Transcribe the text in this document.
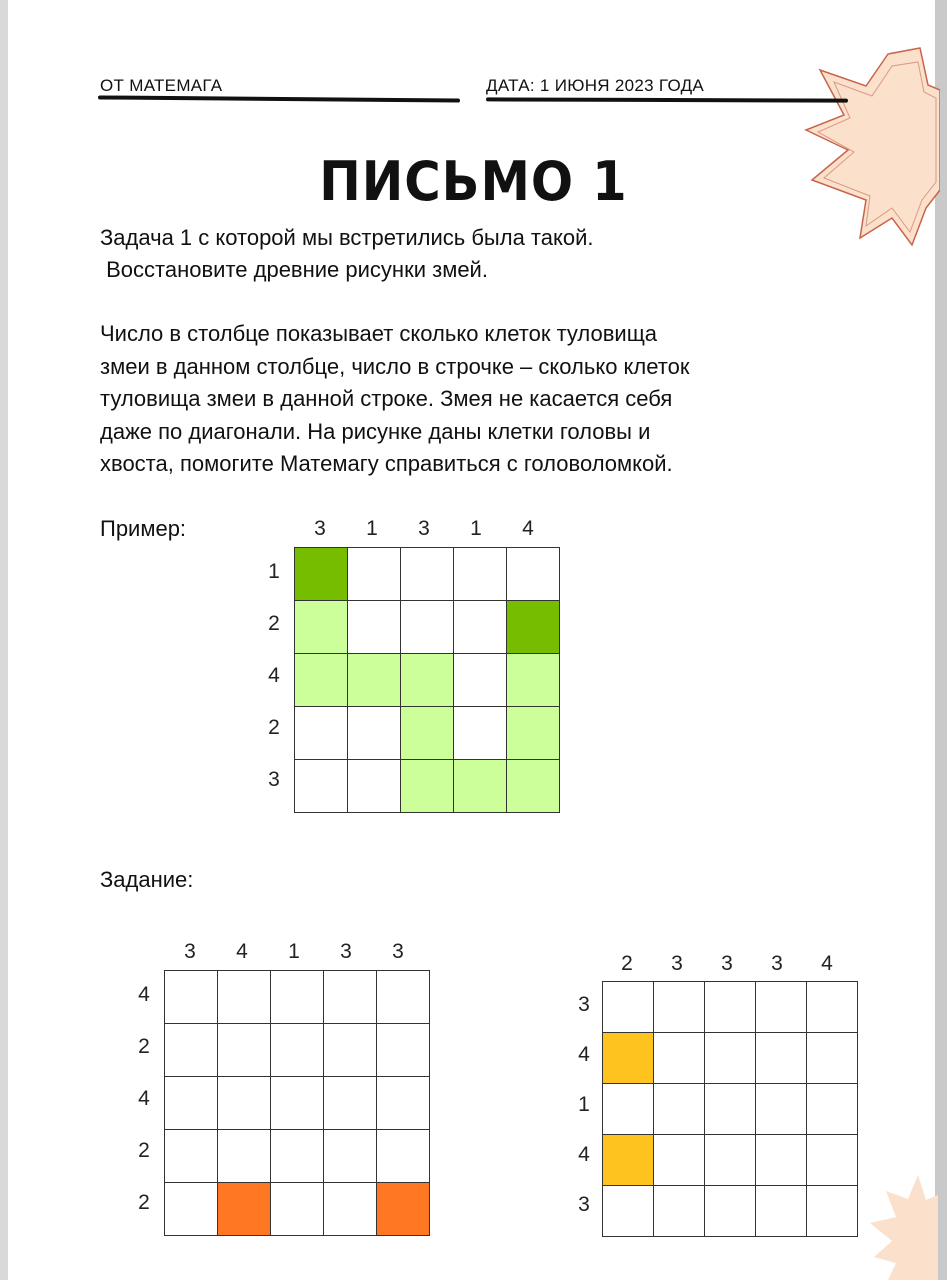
ОТ МАТЕМАГА	ДАТА: 1 ИЮНЯ 2023 ГОДА
ПИСЬМО 1
Задача 1 с которой мы встретились была такой.
Восстановите древние рисунки змей.
Число в столбце показывает сколько клеток туловища
змеи в данном столбце, число в строчке – сколько клеток
туловища змеи в данной строке. Змея не касается себя
даже по диагонали. На рисунке даны клетки головы и
хвоста, помогите Матемагу справиться с головоломкой.
Пример:	3	1	3	1	4
1
2
4
2
3

Задание:
3	4	1	3	3
4
2
4
2
2

2	3	3	3	4
3
4
1
4
3
